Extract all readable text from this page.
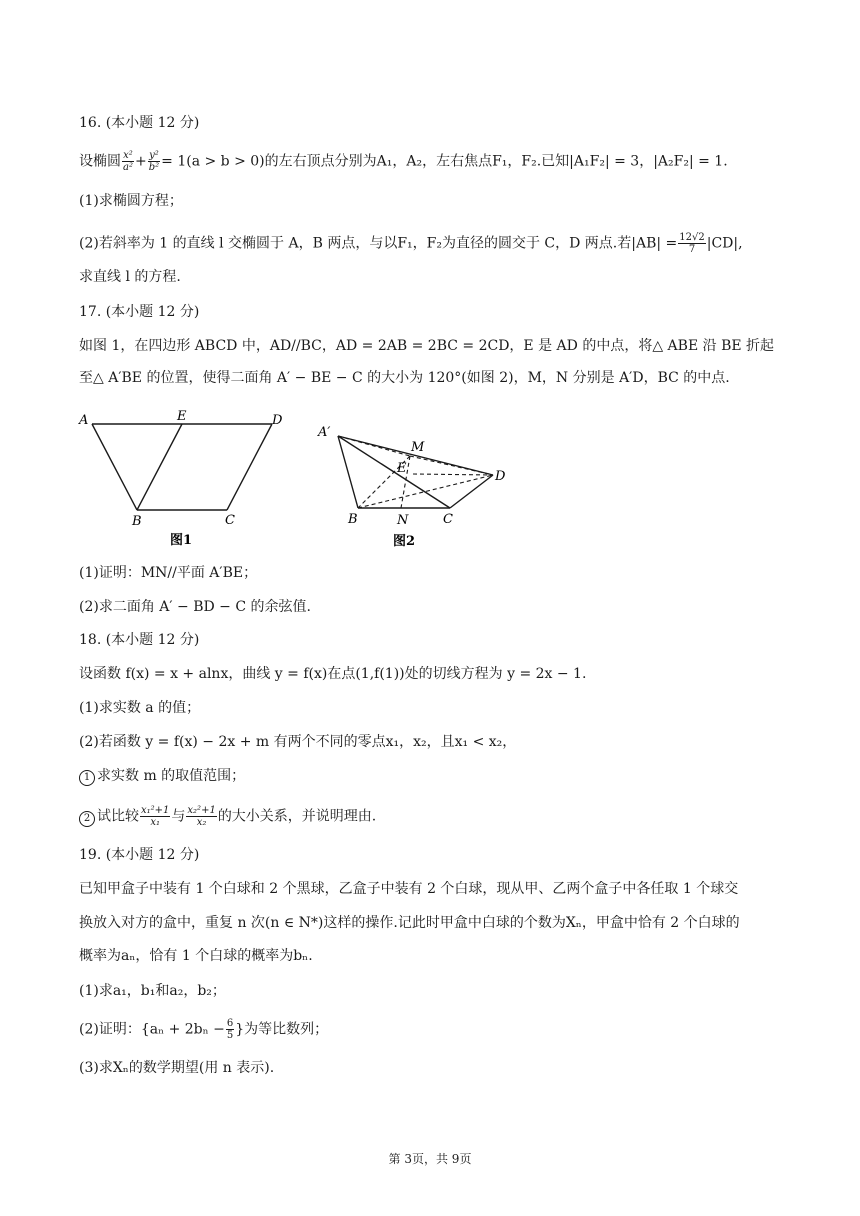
16. (本小题 12 分)
设椭圆 $\frac{\text{x²}}{\text{a²}} + \frac{\text{y²}}{\text{b²}} = 1(a > b > 0)$的左右顶点分别为A₁，A₂，左右焦点F₁，F₂.已知|A₁F₂| = 3，|A₂F₂| = 1.
(1)求椭圆方程；
(2)若斜率为 1 的直线 l 交椭圆于 A，B 两点，与以F₁，F₂为直径的圆交于 C，D 两点.若$|AB| = \frac{12√2}{7} |CD|$,
求直线 l 的方程.
17. (本小题 12 分)
如图 1，在四边形 ABCD 中，AD//BC，AD = 2AB = 2BC = 2CD，E 是 AD 的中点，将△ ABE 沿 BE 折起
至△ A′BE 的位置，使得二面角 A′ − BE − C 的大小为 120°(如图 2)，M，N 分别是 A′D，BC 的中点.
A	E	D
B	C
图1
A′
M
E
D
B	N	C
图2
(1)证明：MN//平面 A′BE；
(2)求二面角 A′ − BD − C 的余弦值.
18. (本小题 12 分)
设函数 f(x) = x + alnx，曲线 y = f(x)在点(1,f(1))处的切线方程为 y = 2x − 1.
(1)求实数 a 的值；
(2)若函数 y = f(x) − 2x + m 有两个不同的零点x₁，x₂，且x₁ < x₂，
1 求实数 m 的取值范围；
2 试比较 $\frac{\text{x₁²+1}}{\text{x₁}}$ 与 $\frac{\text{x₂²+1}}{\text{x₂}}$ 的大小关系，并说明理由.
19. (本小题 12 分)
已知甲盒子中装有 1 个白球和 2 个黑球，乙盒子中装有 2 个白球，现从甲、乙两个盒子中各任取 1 个球交
换放入对方的盒中，重复 n 次(n ∈ N*)这样的操作.记此时甲盒中白球的个数为Xₙ，甲盒中恰有 2 个白球的
概率为aₙ，恰有 1 个白球的概率为bₙ.
(1)求a₁，b₁和a₂，b₂；
(2)证明：{$a_n + 2b_n - \frac{6}{5}$ }为等比数列；
(3)求Xₙ的数学期望(用 n 表示).
第 3页，共 9页
